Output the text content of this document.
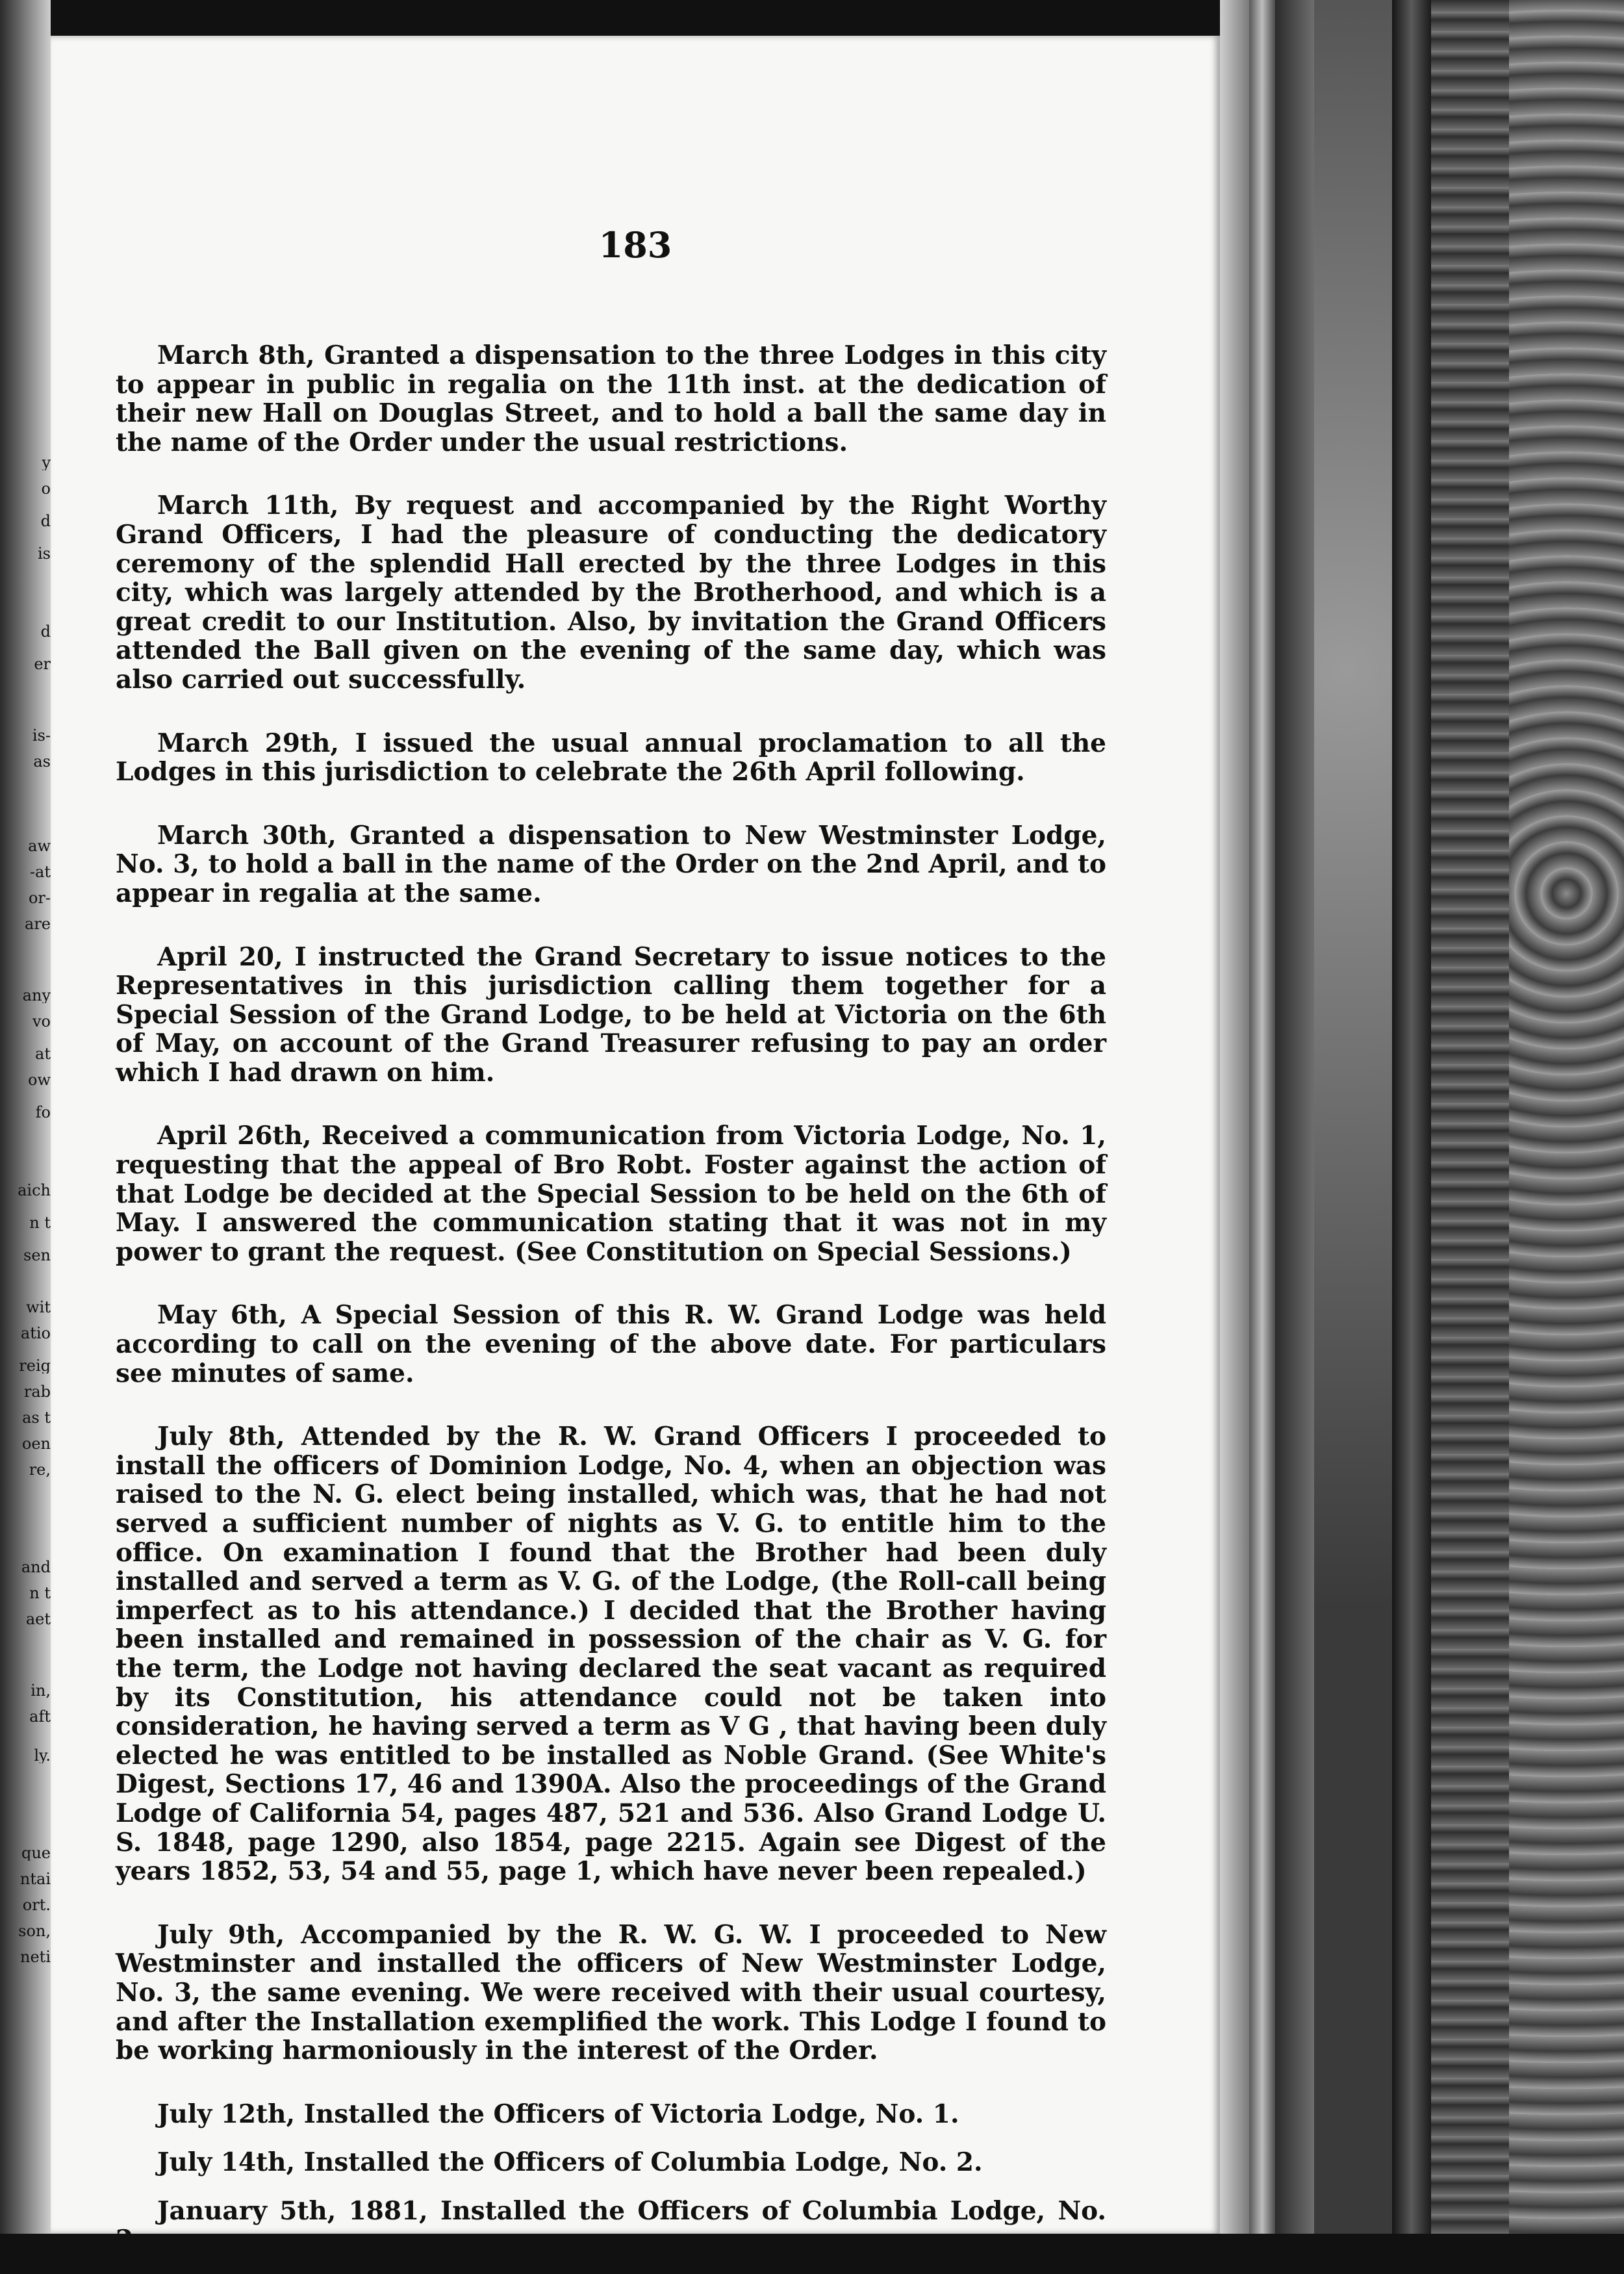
y
o
d
is
d
er
is-
as
aw
-at
or-
are
any
vo
at
ow
fo
aich
n t
sen
wit
atio
reig
rab
as t
oen
re,
and
n t
aet
in,
aft
ly.
que
ntai
ort.
son,
neti
183

March 8th, Granted a dispensation to the three Lodges in this city to appear in public in regalia on the 11th inst. at the dedication of their new Hall on Douglas Street, and to hold a ball the same day in the name of the Order under the usual restrictions.

March 11th, By request and accompanied by the Right Worthy Grand Officers, I had the pleasure of conducting the dedicatory ceremony of the splendid Hall erected by the three Lodges in this city, which was largely attended by the Brotherhood, and which is a great credit to our Institution. Also, by invitation the Grand Officers attended the Ball given on the evening of the same day, which was also carried out successfully.

March 29th, I issued the usual annual proclamation to all the Lodges in this jurisdiction to celebrate the 26th April following.

March 30th, Granted a dispensation to New Westminster Lodge, No. 3, to hold a ball in the name of the Order on the 2nd April, and to appear in regalia at the same.

April 20, I instructed the Grand Secretary to issue notices to the Representatives in this jurisdiction calling them together for a Special Session of the Grand Lodge, to be held at Victoria on the 6th of May, on account of the Grand Treasurer refusing to pay an order which I had drawn on him.

April 26th, Received a communication from Victoria Lodge, No. 1, requesting that the appeal of Bro Robt. Foster against the action of that Lodge be decided at the Special Session to be held on the 6th of May. I answered the communication stating that it was not in my power to grant the request. (See Constitution on Special Sessions.)

May 6th, A Special Session of this R. W. Grand Lodge was held according to call on the evening of the above date. For particulars see minutes of same.

July 8th, Attended by the R. W. Grand Officers I proceeded to install the officers of Dominion Lodge, No. 4, when an objection was raised to the N. G. elect being installed, which was, that he had not served a sufficient number of nights as V. G. to entitle him to the office. On examination I found that the Brother had been duly installed and served a term as V. G. of the Lodge, (the Roll-call being imperfect as to his attendance.) I decided that the Brother having been installed and remained in possession of the chair as V. G. for the term, the Lodge not having declared the seat vacant as required by its Constitution, his attendance could not be taken into consideration, he having served a term as V G , that having been duly elected he was entitled to be installed as Noble Grand. (See White's Digest, Sections 17, 46 and 1390A. Also the proceedings of the Grand Lodge of California 54, pages 487, 521 and 536. Also Grand Lodge U. S. 1848, page 1290, also 1854, page 2215. Again see Digest of the years 1852, 53, 54 and 55, page 1, which have never been repealed.)

July 9th, Accompanied by the R. W. G. W. I proceeded to New Westminster and installed the officers of New Westminster Lodge, No. 3, the same evening. We were received with their usual courtesy, and after the Installation exemplified the work. This Lodge I found to be working harmoniously in the interest of the Order.

July 12th, Installed the Officers of Victoria Lodge, No. 1.

July 14th, Installed the Officers of Columbia Lodge, No. 2.

January 5th, 1881, Installed the Officers of Columbia Lodge, No. 2.
